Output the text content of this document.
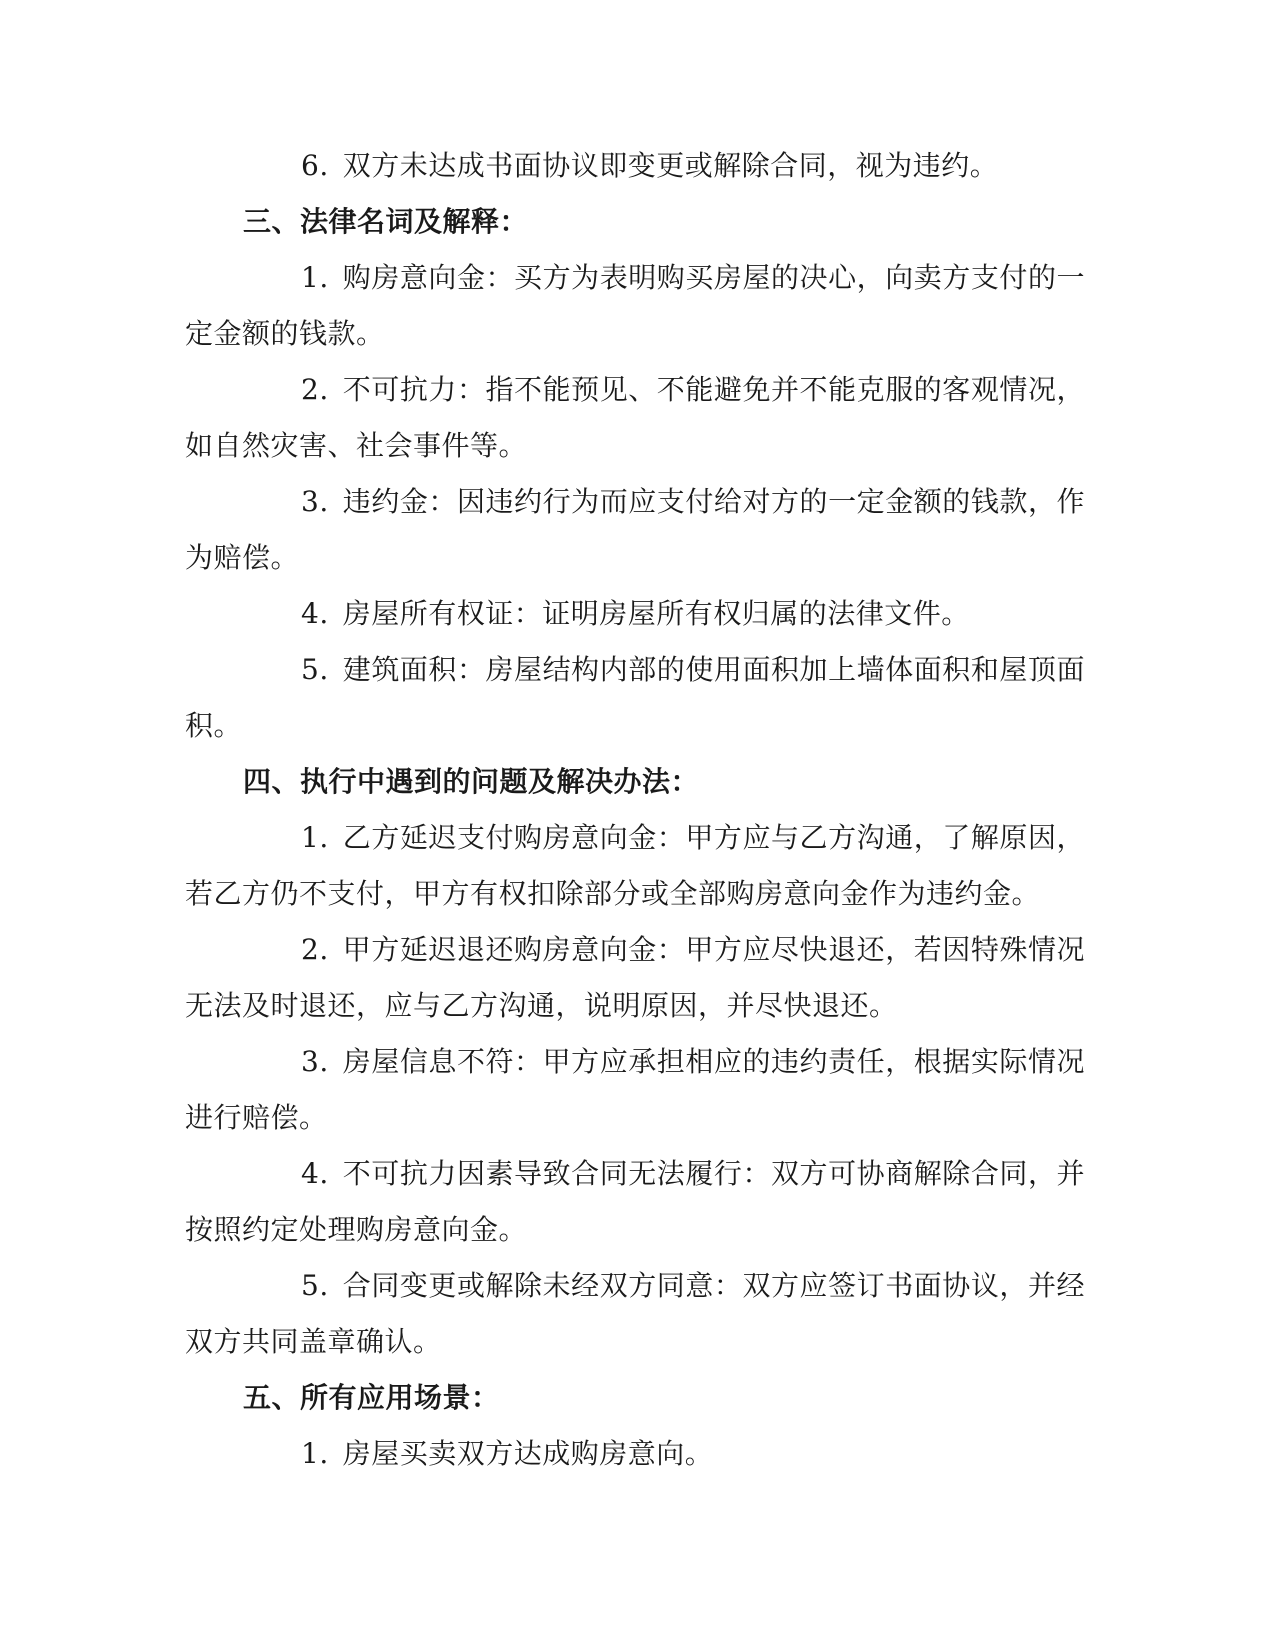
6. 双方未达成书面协议即变更或解除合同，视为违约。

三、法律名词及解释：

1. 购房意向金：买方为表明购买房屋的决心，向卖方支付的一定金额的钱款。

2. 不可抗力：指不能预见、不能避免并不能克服的客观情况，如自然灾害、社会事件等。

3. 违约金：因违约行为而应支付给对方的一定金额的钱款，作为赔偿。

4. 房屋所有权证：证明房屋所有权归属的法律文件。

5. 建筑面积：房屋结构内部的使用面积加上墙体面积和屋顶面积。

四、执行中遇到的问题及解决办法：

1. 乙方延迟支付购房意向金：甲方应与乙方沟通，了解原因，若乙方仍不支付，甲方有权扣除部分或全部购房意向金作为违约金。

2. 甲方延迟退还购房意向金：甲方应尽快退还，若因特殊情况无法及时退还，应与乙方沟通，说明原因，并尽快退还。

3. 房屋信息不符：甲方应承担相应的违约责任，根据实际情况进行赔偿。

4. 不可抗力因素导致合同无法履行：双方可协商解除合同，并按照约定处理购房意向金。

5. 合同变更或解除未经双方同意：双方应签订书面协议，并经双方共同盖章确认。

五、所有应用场景：

1. 房屋买卖双方达成购房意向。
